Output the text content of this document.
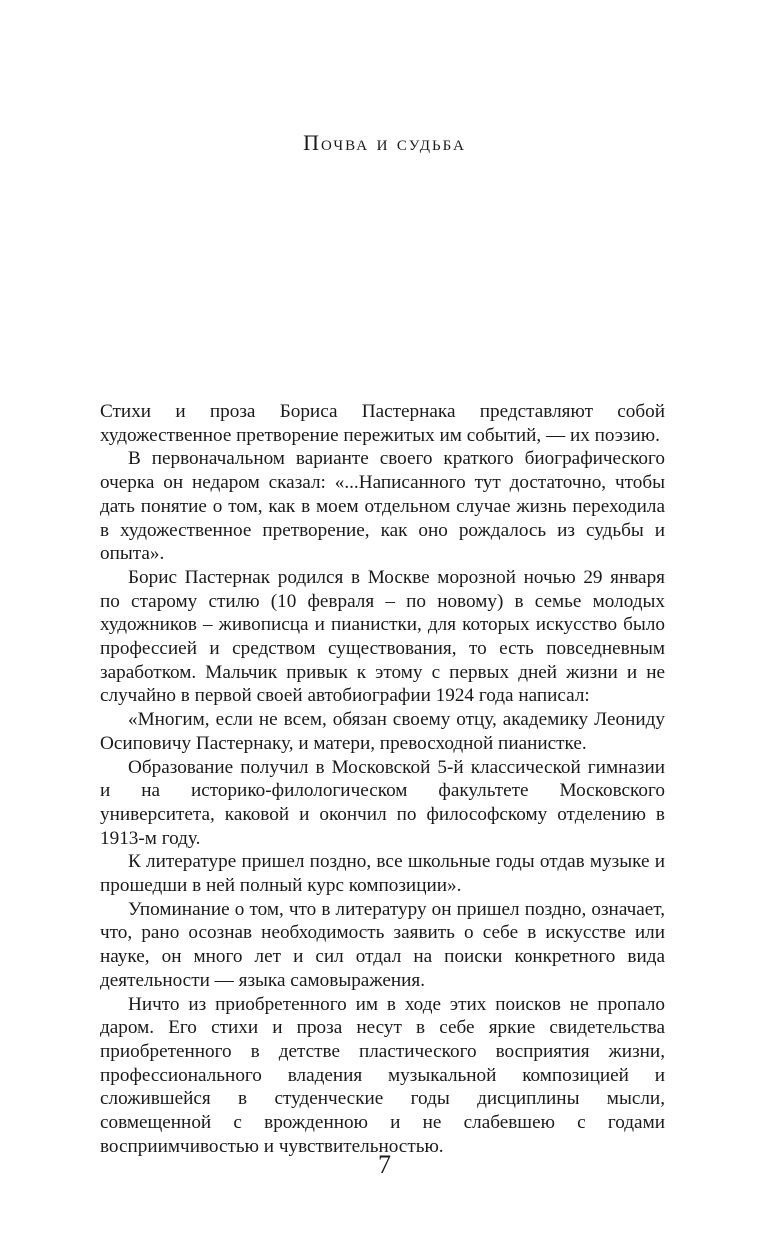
Почва и судьба

Стихи и проза Бориса Пастернака представляют собой художественное претворение пережитых им событий, — их поэзию.

В первоначальном варианте своего краткого биографического очерка он недаром сказал: «...Написанного тут достаточно, чтобы дать понятие о том, как в моем отдельном случае жизнь переходила в художественное претворение, как оно рождалось из судьбы и опыта».

Борис Пастернак родился в Москве морозной ночью 29 января по старому стилю (10 февраля – по новому) в семье молодых художников – живописца и пианистки, для которых искусство было профессией и средством существования, то есть повседневным заработком. Мальчик привык к этому с первых дней жизни и не случайно в первой своей автобиографии 1924 года написал:

«Многим, если не всем, обязан своему отцу, академику Леониду Осиповичу Пастернаку, и матери, превосходной пианистке.

Образование получил в Московской 5-й классической гимназии и на историко-филологическом факультете Московского университета, каковой и окончил по философскому отделению в 1913-м году.

К литературе пришел поздно, все школьные годы отдав музыке и прошедши в ней полный курс композиции».

Упоминание о том, что в литературу он пришел поздно, означает, что, рано осознав необходимость заявить о себе в искусстве или науке, он много лет и сил отдал на поиски конкретного вида деятельности — языка самовыражения.

Ничто из приобретенного им в ходе этих поисков не пропало даром. Его стихи и проза несут в себе яркие свидетельства приобретенного в детстве пластического восприятия жизни, профессионального владения музыкальной композицией и сложившейся в студенческие годы дисциплины мысли, совмещенной с врожденною и не слабевшею с годами восприимчивостью и чувствительностью.

7
